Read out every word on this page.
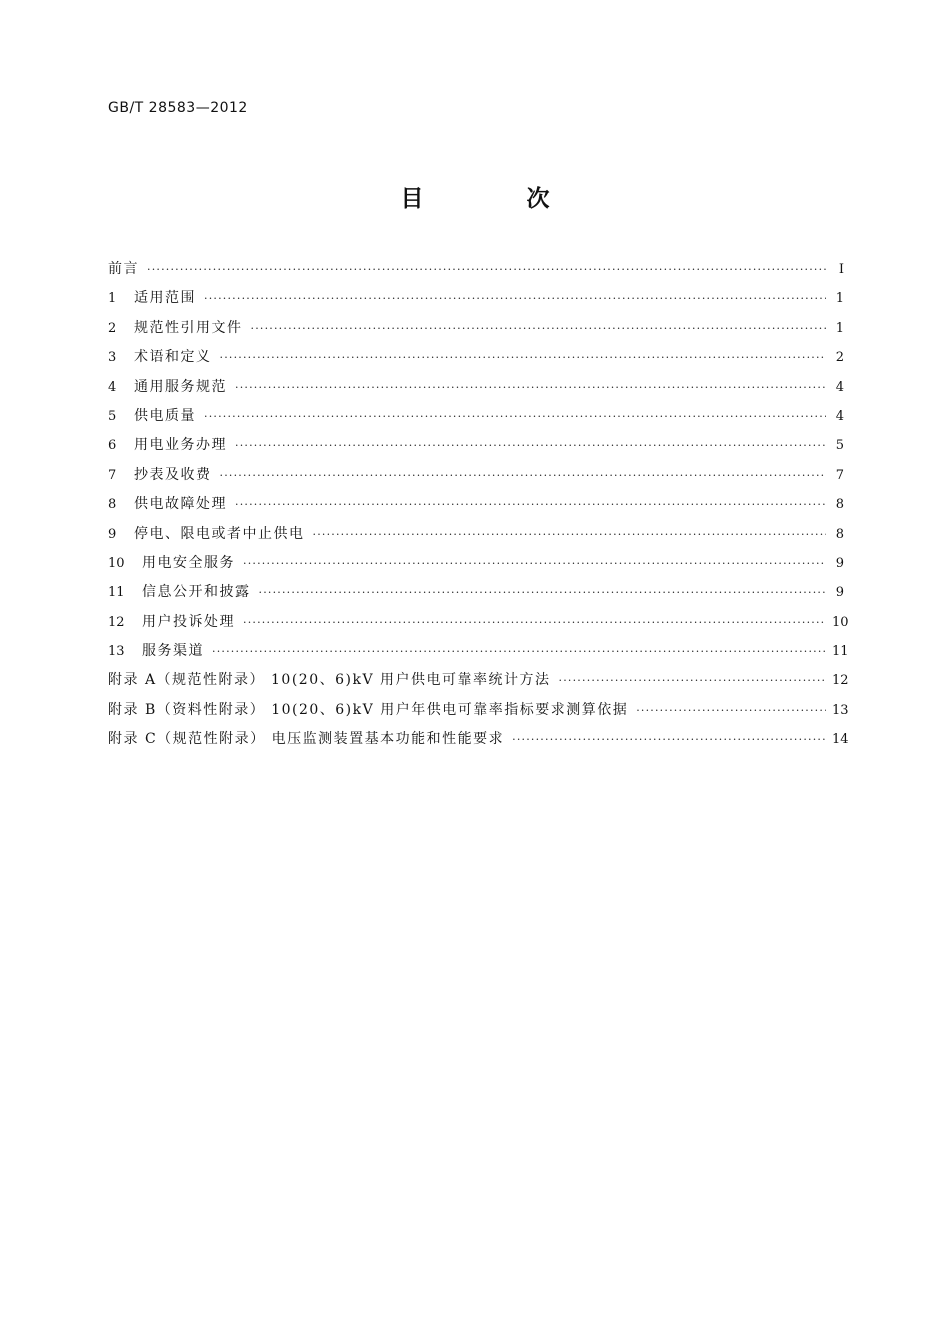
GB/T 28583—2012
目　次
前言 ·····	Ⅰ
1	适用范围 ·····	1
2	规范性引用文件 ·····	1
3	术语和定义 ·····	2
4	通用服务规范 ·····	4
5	供电质量 ·····	4
6	用电业务办理 ·····	5
7	抄表及收费 ·····	7
8	供电故障处理 ·····	8
9	停电、限电或者中止供电 ·····	8
10	用电安全服务 ·····	9
11	信息公开和披露 ·····	9
12	用户投诉处理 ·····	10
13	服务渠道 ·····	11
附录 A（规范性附录） 10(20、6)kV 用户供电可靠率统计方法 ·····	12
附录 B（资料性附录） 10(20、6)kV 用户年供电可靠率指标要求测算依据 ·····	13
附录 C（规范性附录） 电压监测装置基本功能和性能要求 ·····	14
